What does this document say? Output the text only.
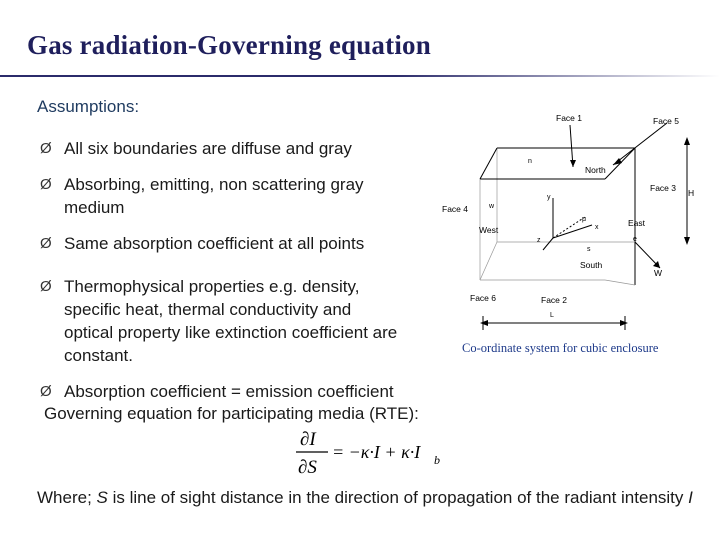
Gas radiation-Governing equation
Assumptions:
Ø All six boundaries are diffuse and gray
Ø Absorbing, emitting, non scattering gray
medium
Ø Same absorption coefficient at all points
Ø Thermophysical properties e.g. density,
specific heat, thermal conductivity and
optical property like extinction coefficient are
constant.
Ø Absorption coefficient = emission coefficient
Governing equation for participating media (RTE):
∂I
∂S
= −κ·I + κ·I b
Where; S is line of sight distance in the direction of propagation of the radiant intensity I
Face 1	Face 5
n
North
Face 3 H
Face 4	w
y
μ
x	East
West
z
s
e
South
W
Face 6	Face 2
L
Co-ordinate system for cubic enclosure
